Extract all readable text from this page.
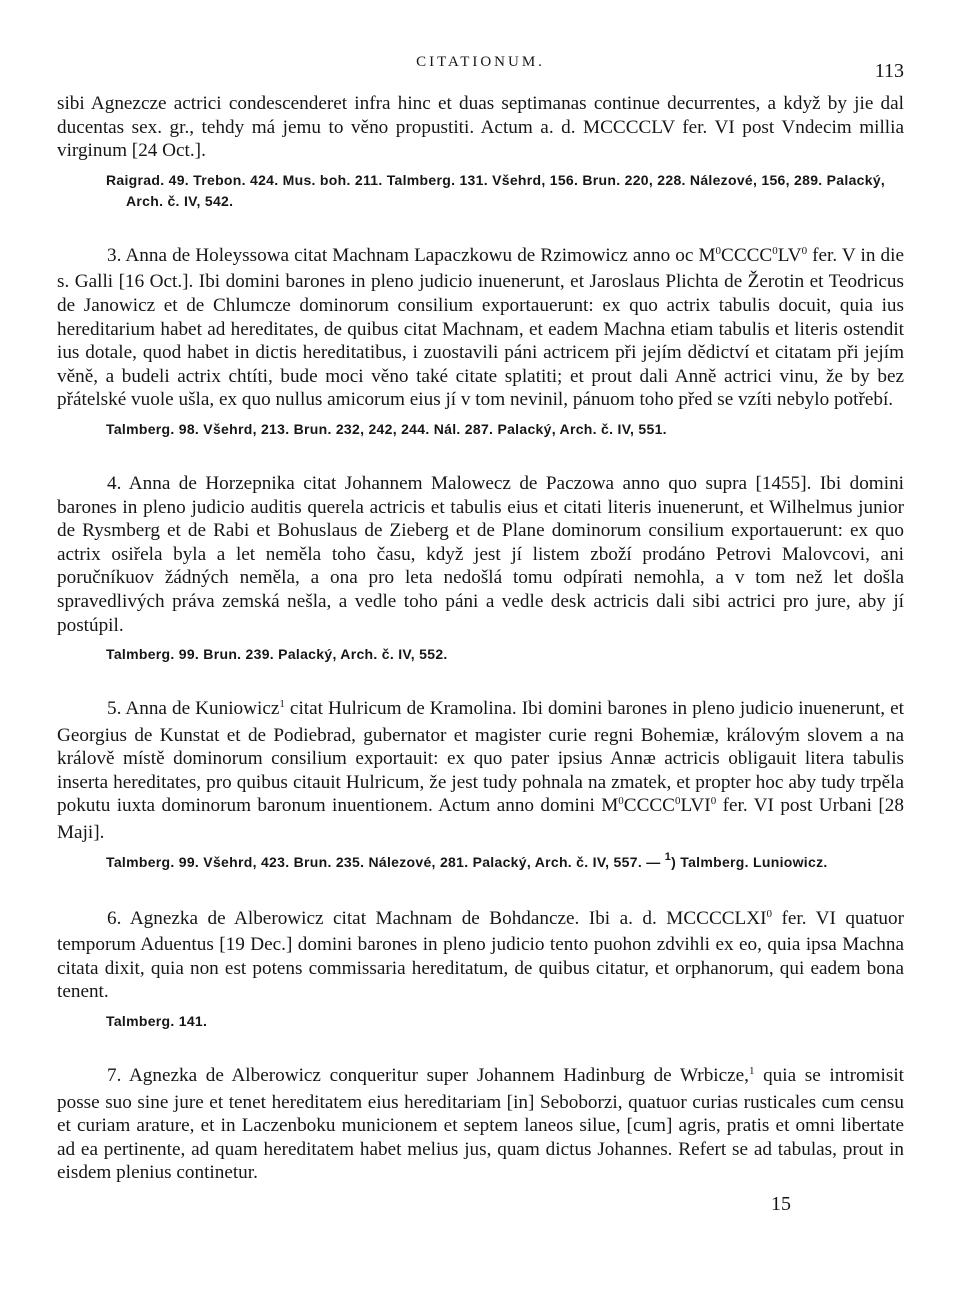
CITATIONUM.	113

sibi Agnezcze actrici condescenderet infra hinc et duas septimanas continue decurrentes, a když by jie dal ducentas sex. gr., tehdy má jemu to věno propustiti. Actum a. d. MCCCCLV fer. VI post Vndecim millia virginum [24 Oct.].

Raigrad. 49. Trebon. 424. Mus. boh. 211. Talmberg. 131. Všehrd, 156. Brun. 220, 228. Nálezové, 156, 289. Palacký, Arch. č. IV, 542.

3. Anna de Holeyssowa citat Machnam Lapaczkowu de Rzimowicz anno oc $M^0CCCC^0LV^0$ fer. V in die s. Galli [16 Oct.]. Ibi domini barones in pleno judicio inuenerunt, et Jaroslaus Plichta de Žerotin et Teodricus de Janowicz et de Chlumcze dominorum consilium exportauerunt: ex quo actrix tabulis docuit, quia ius hereditarium habet ad hereditates, de quibus citat Machnam, et eadem Machna etiam tabulis et literis ostendit ius dotale, quod habet in dictis hereditatibus, i zuostavili páni actricem při jejím dědictví et citatam při jejím věně, a budeli actrix chtíti, bude moci věno také citate splatiti; et prout dali Anně actrici vinu, že by bez přátelské vuole ušla, ex quo nullus amicorum eius jí v tom nevinil, pánuom toho před se vzíti nebylo potřebí.

Talmberg. 98. Všehrd, 213. Brun. 232, 242, 244. Nál. 287. Palacký, Arch. č. IV, 551.

4. Anna de Horzepnika citat Johannem Malowecz de Paczowa anno quo supra [1455]. Ibi domini barones in pleno judicio auditis querela actricis et tabulis eius et citati literis inuenerunt, et Wilhelmus junior de Rysmberg et de Rabi et Bohuslaus de Zieberg et de Plane dominorum consilium exportauerunt: ex quo actrix osiřela byla a let neměla toho času, když jest jí listem zboží prodáno Petrovi Malovcovi, ani poručníkuov žádných neměla, a ona pro leta nedošlá tomu odpírati nemohla, a v tom než let došla spravedlivých práva zemská nešla, a vedle toho páni a vedle desk actricis dali sibi actrici pro jure, aby jí postúpil.

Talmberg. 99. Brun. 239. Palacký, Arch. č. IV, 552.

5. Anna de Kuniowicz$^1$ citat Hulricum de Kramolina. Ibi domini barones in pleno judicio inuenerunt, et Georgius de Kunstat et de Podiebrad, gubernator et magister curie regni Bohemiæ, královým slovem a na králově místě dominorum consilium exportauit: ex quo pater ipsius Annæ actricis obligauit litera tabulis inserta hereditates, pro quibus citauit Hulricum, že jest tudy pohnala na zmatek, et propter hoc aby tudy trpěla pokutu iuxta dominorum baronum inuentionem. Actum anno domini $M^0CCCC^0LVI^0$ fer. VI post Urbani [28 Maji].

Talmberg. 99. Všehrd, 423. Brun. 235. Nálezové, 281. Palacký, Arch. č. IV, 557. — $^1$) Talmberg. Luniowicz.

6. Agnezka de Alberowicz citat Machnam de Bohdancze. Ibi a. d. MCCCCLXI$^0$ fer. VI quatuor temporum Aduentus [19 Dec.] domini barones in pleno judicio tento puohon zdvihli ex eo, quia ipsa Machna citata dixit, quia non est potens commissaria hereditatum, de quibus citatur, et orphanorum, qui eadem bona tenent.

Talmberg. 141.

7. Agnezka de Alberowicz conqueritur super Johannem Hadinburg de Wrbicze,$^1$ quia se intromisit posse suo sine jure et tenet hereditatem eius hereditariam [in] Seboborzi, quatuor curias rusticales cum censu et curiam arature, et in Laczenboku municionem et septem laneos silue, [cum] agris, pratis et omni libertate ad ea pertinente, ad quam hereditatem habet melius jus, quam dictus Johannes. Refert se ad tabulas, prout in eisdem plenius continetur.

15
